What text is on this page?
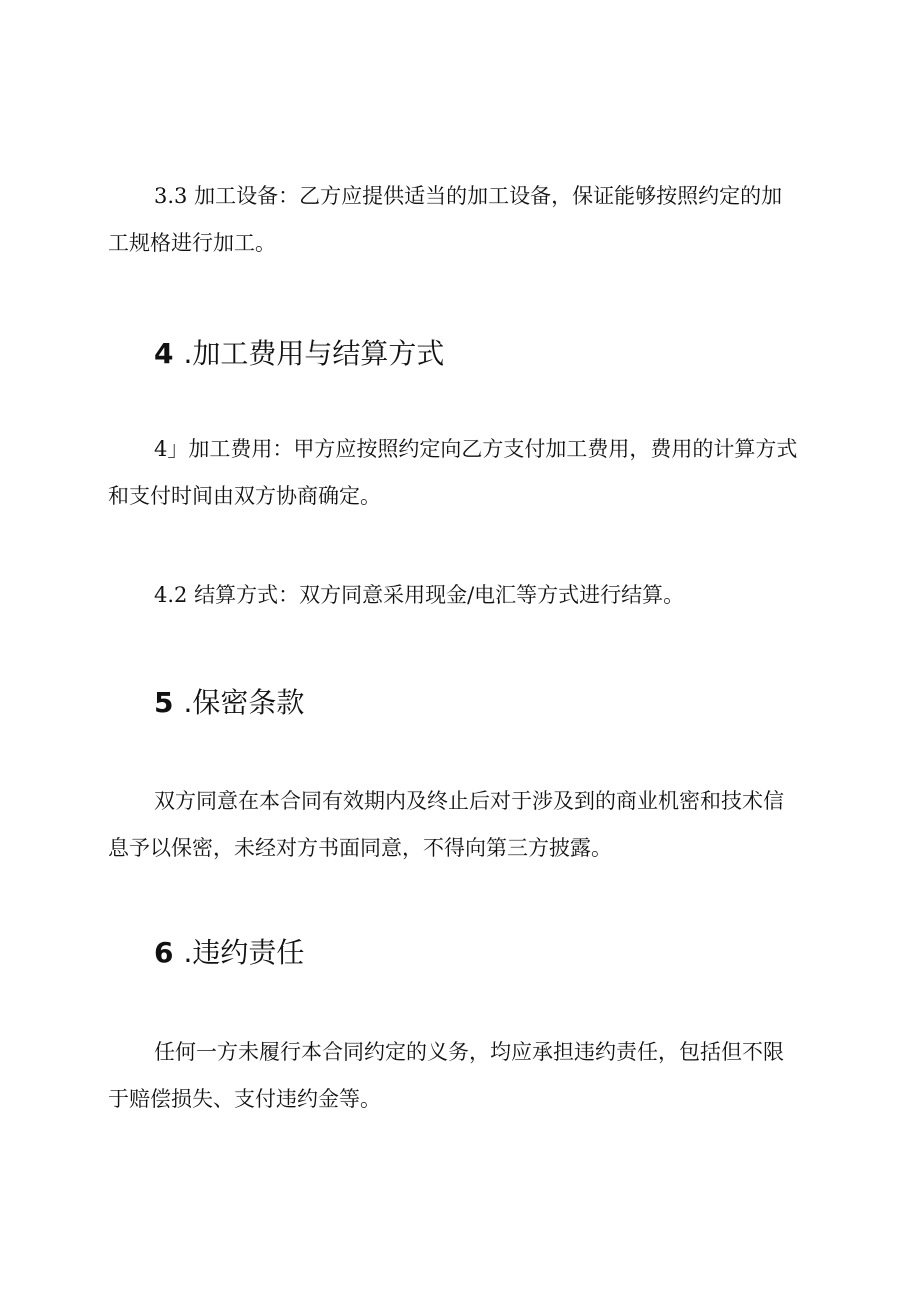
3.3 加工设备：乙方应提供适当的加工设备，保证能够按照约定的加
工规格进行加工。

4 .加工费用与结算方式

4」加工费用：甲方应按照约定向乙方支付加工费用，费用的计算方式
和支付时间由双方协商确定。

4.2 结算方式：双方同意采用现金/电汇等方式进行结算。

5 .保密条款

双方同意在本合同有效期内及终止后对于涉及到的商业机密和技术信
息予以保密，未经对方书面同意，不得向第三方披露。

6 .违约责任

任何一方未履行本合同约定的义务，均应承担违约责任，包括但不限
于赔偿损失、支付违约金等。
